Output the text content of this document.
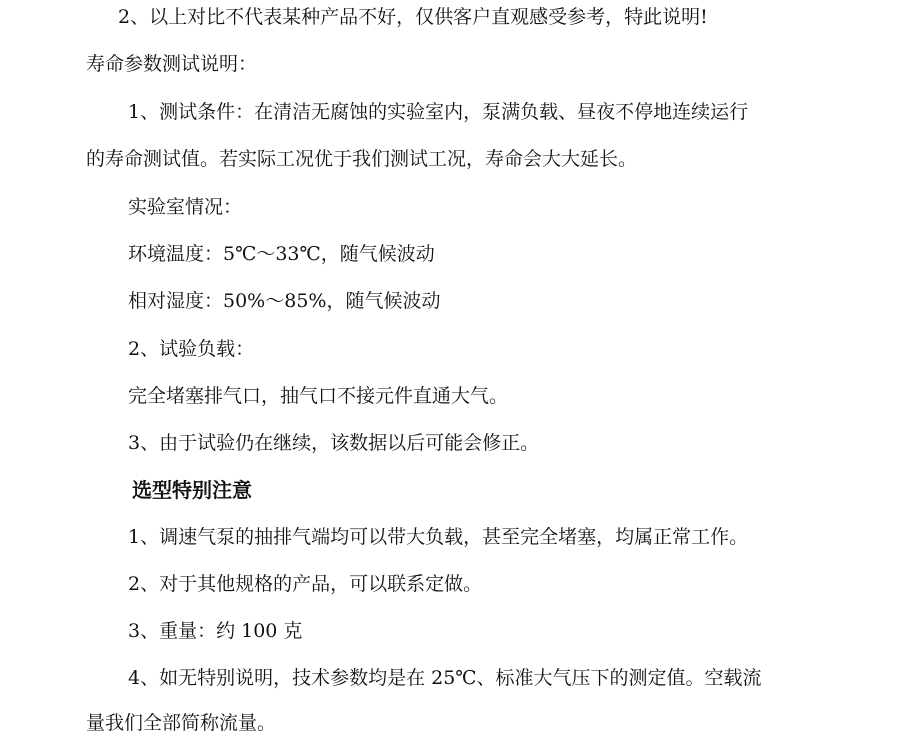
2、以上对比不代表某种产品不好，仅供客户直观感受参考，特此说明!
寿命参数测试说明：
1、测试条件：在清洁无腐蚀的实验室内，泵满负载、昼夜不停地连续运行
的寿命测试值。若实际工况优于我们测试工况，寿命会大大延长。
实验室情况：
环境温度：5℃～33℃，随气候波动
相对湿度：50%～85%，随气候波动
2、试验负载：
完全堵塞排气口，抽气口不接元件直通大气。
3、由于试验仍在继续，该数据以后可能会修正。
选型特别注意
1、调速气泵的抽排气端均可以带大负载，甚至完全堵塞，均属正常工作。
2、对于其他规格的产品，可以联系定做。
3、重量：约 100 克
4、如无特别说明，技术参数均是在 25℃、标准大气压下的测定值。空载流
量我们全部简称流量。
